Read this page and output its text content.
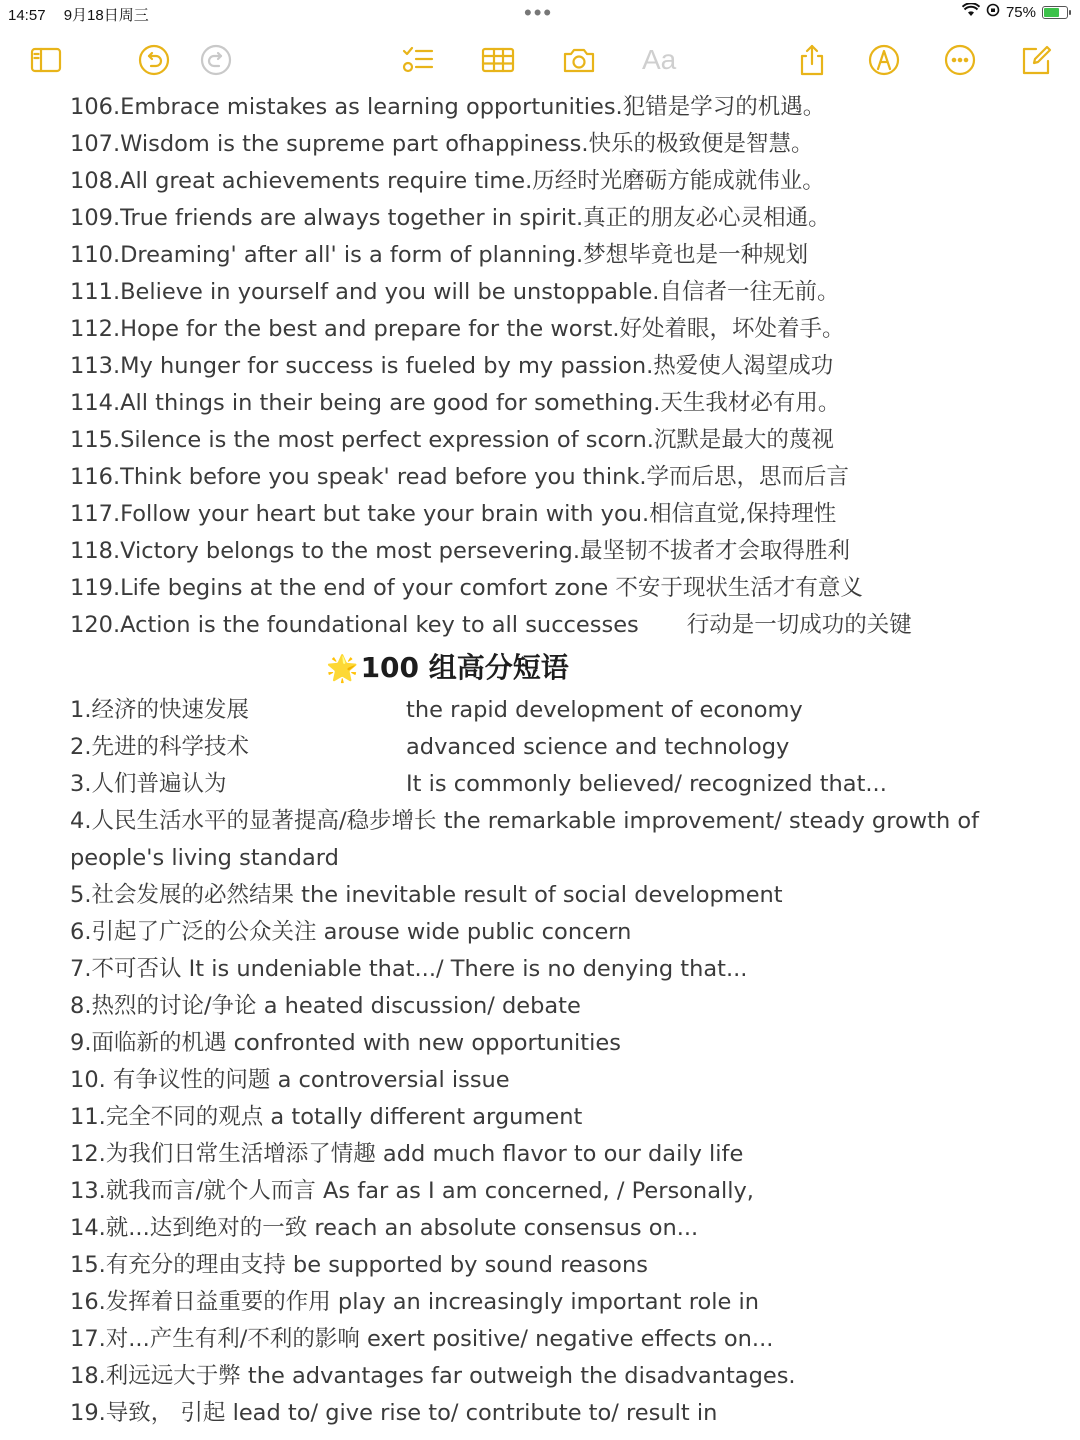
14:57 9月18日周三	•••	75%
Aa
106.Embrace mistakes as learning opportunities.犯错是学习的机遇。
107.Wisdom is the supreme part ofhappiness.快乐的极致便是智慧。
108.All great achievements require time.历经时光磨砺方能成就伟业。
109.True friends are always together in spirit.真正的朋友必心灵相通。
110.Dreaming' after all' is a form of planning.梦想毕竟也是一种规划
111.Believe in yourself and you will be unstoppable.自信者一往无前。
112.Hope for the best and prepare for the worst.好处着眼，坏处着手。
113.My hunger for success is fueled by my passion.热爱使人渴望成功
114.All things in their being are good for something.天生我材必有用。
115.Silence is the most perfect expression of scorn.沉默是最大的蔑视
116.Think before you speak' read before you think.学而后思，思而后言
117.Follow your heart but take your brain with you.相信直觉,保持理性
118.Victory belongs to the most persevering.最坚韧不拔者才会取得胜利
119.Life begins at the end of your comfort zone 不安于现状生活才有意义
120.Action is the foundational key to all successes 行动是一切成功的关键
🌟100 组高分短语
1.经济的快速发展	the rapid development of economy
2.先进的科学技术	advanced science and technology
3.人们普遍认为	It is commonly believed/ recognized that...
4.人民生活水平的显著提高/稳步增长 the remarkable improvement/ steady growth of people's living standard
5.社会发展的必然结果 the inevitable result of social development
6.引起了广泛的公众关注 arouse wide public concern
7.不可否认 It is undeniable that.../ There is no denying that...
8.热烈的讨论/争论 a heated discussion/ debate
9.面临新的机遇 confronted with new opportunities
10. 有争议性的问题 a controversial issue
11.完全不同的观点 a totally different argument
12.为我们日常生活增添了情趣 add much flavor to our daily life
13.就我而言/就个人而言 As far as I am concerned, / Personally,
14.就...达到绝对的一致 reach an absolute consensus on...
15.有充分的理由支持 be supported by sound reasons
16.发挥着日益重要的作用 play an increasingly important role in
17.对...产生有利/不利的影响 exert positive/ negative effects on...
18.利远远大于弊 the advantages far outweigh the disadvantages.
19.导致， 引起 lead to/ give rise to/ contribute to/ result in
